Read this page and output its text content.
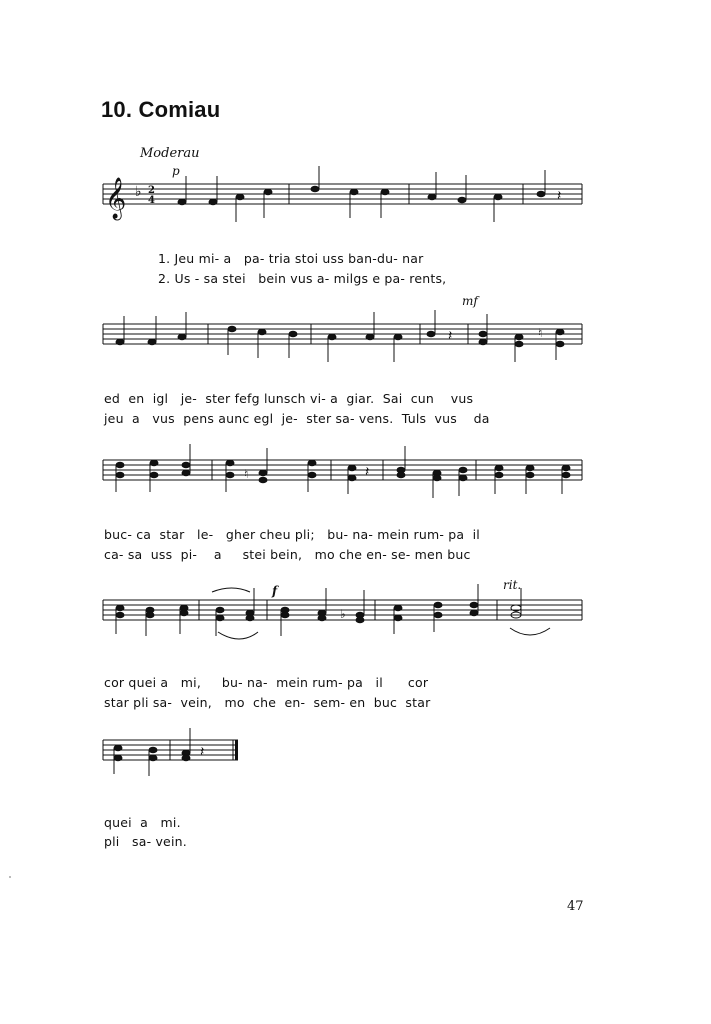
10. Comiau
Moderau
p
𝄞 ♭ 2
4	𝄽
1. Jeu mi- a   pa- tria stoi uss ban-du- nar
2. Us - sa stei   bein vus a- milgs e pa- rents,
mf
𝄽	♮
ed  en  igl   je-  ster fefg lunsch vi- a  giar.  Sai  cun    vus
jeu  a   vus  pens aunc egl  je-  ster sa- vens.  Tuls  vus    da
♮	𝄽
buc- ca  star   le-   gher cheu pli;   bu- na- mein rum- pa  il
ca- sa  uss  pi-    a     stei bein,   mo che en- se- men buc
f	rit.
♭
cor quei a   mi,     bu- na-  mein rum- pa   il      cor
star pli sa-  vein,   mo  che  en-  sem- en  buc  star
𝄽
quei  a   mi.
pli   sa- vein.
47
